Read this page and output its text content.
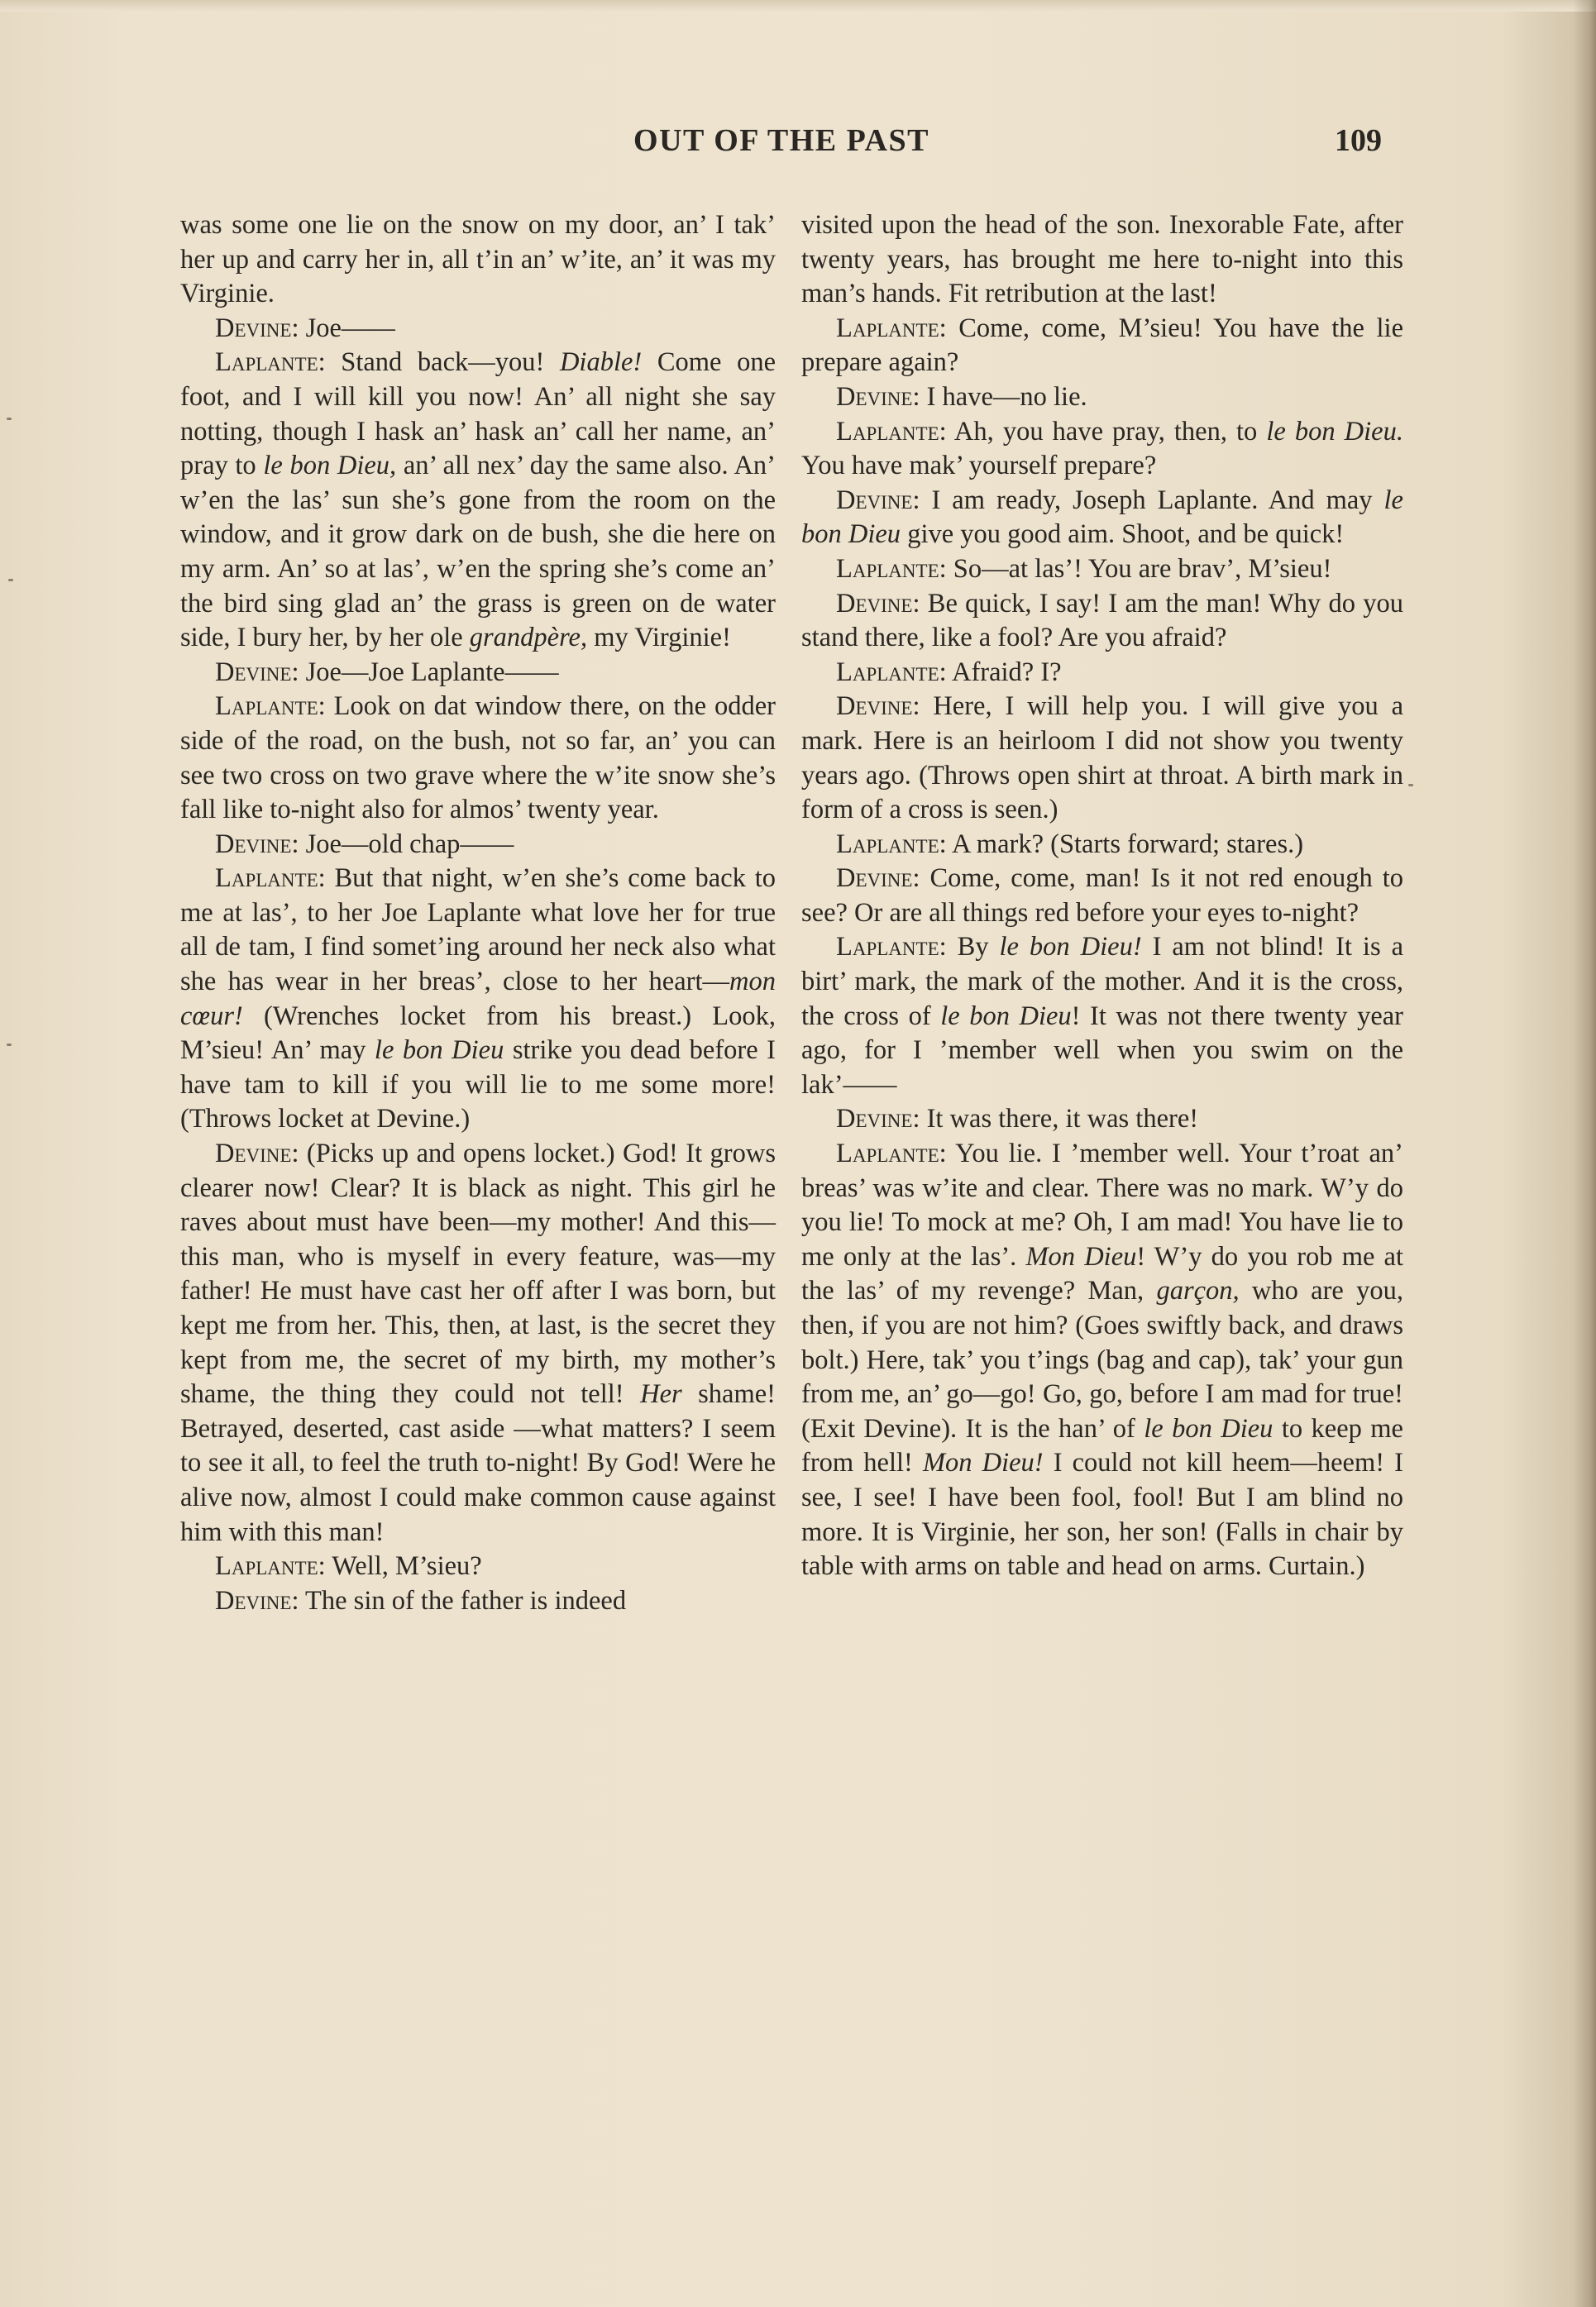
OUT OF THE PAST	109

was some one lie on the snow on my door, an’ I tak’ her up and carry her in, all t’in an’ w’ite, an’ it was my Virginie.

Devine: Joe——

Laplante: Stand back—you! Diable! Come one foot, and I will kill you now! An’ all night she say notting, though I hask an’ hask an’ call her name, an’ pray to le bon Dieu, an’ all nex’ day the same also. An’ w’en the las’ sun she’s gone from the room on the window, and it grow dark on de bush, she die here on my arm. An’ so at las’, w’en the spring she’s come an’ the bird sing glad an’ the grass is green on de water side, I bury her, by her ole grandpère, my Virginie!

Devine: Joe—Joe Laplante——

Laplante: Look on dat window there, on the odder side of the road, on the bush, not so far, an’ you can see two cross on two grave where the w’ite snow she’s fall like to-night also for almos’ twenty year.

Devine: Joe—old chap——

Laplante: But that night, w’en she’s come back to me at las’, to her Joe Laplante what love her for true all de tam, I find somet’ing around her neck also what she has wear in her breas’, close to her heart—mon cœur! (Wrenches locket from his breast.) Look, M’sieu! An’ may le bon Dieu strike you dead before I have tam to kill if you will lie to me some more! (Throws locket at Devine.)

Devine: (Picks up and opens locket.) God! It grows clearer now! Clear? It is black as night. This girl he raves about must have been—my mother! And this—this man, who is myself in every feature, was—my father! He must have cast her off after I was born, but kept me from her. This, then, at last, is the secret they kept from me, the secret of my birth, my mother’s shame, the thing they could not tell! Her shame! Betrayed, deserted, cast aside —what matters? I seem to see it all, to feel the truth to-night! By God! Were he alive now, almost I could make common cause against him with this man!

Laplante: Well, M’sieu?

Devine: The sin of the father is indeed

visited upon the head of the son. Inexorable Fate, after twenty years, has brought me here to-night into this man’s hands. Fit retribution at the last!

Laplante: Come, come, M’sieu! You have the lie prepare again?

Devine: I have—no lie.

Laplante: Ah, you have pray, then, to le bon Dieu. You have mak’ yourself prepare?

Devine: I am ready, Joseph Laplante. And may le bon Dieu give you good aim. Shoot, and be quick!

Laplante: So—at las’! You are brav’, M’sieu!

Devine: Be quick, I say! I am the man! Why do you stand there, like a fool? Are you afraid?

Laplante: Afraid? I?

Devine: Here, I will help you. I will give you a mark. Here is an heirloom I did not show you twenty years ago. (Throws open shirt at throat. A birth mark in form of a cross is seen.)

Laplante: A mark? (Starts forward; stares.)

Devine: Come, come, man! Is it not red enough to see? Or are all things red before your eyes to-night?

Laplante: By le bon Dieu! I am not blind! It is a birt’ mark, the mark of the mother. And it is the cross, the cross of le bon Dieu! It was not there twenty year ago, for I ’member well when you swim on the lak’——

Devine: It was there, it was there!

Laplante: You lie. I ’member well. Your t’roat an’ breas’ was w’ite and clear. There was no mark. W’y do you lie! To mock at me? Oh, I am mad! You have lie to me only at the las’. Mon Dieu! W’y do you rob me at the las’ of my revenge? Man, garçon, who are you, then, if you are not him? (Goes swiftly back, and draws bolt.) Here, tak’ you t’ings (bag and cap), tak’ your gun from me, an’ go—go! Go, go, before I am mad for true! (Exit Devine). It is the han’ of le bon Dieu to keep me from hell! Mon Dieu! I could not kill heem—heem! I see, I see! I have been fool, fool! But I am blind no more. It is Virginie, her son, her son! (Falls in chair by table with arms on table and head on arms. Curtain.)
